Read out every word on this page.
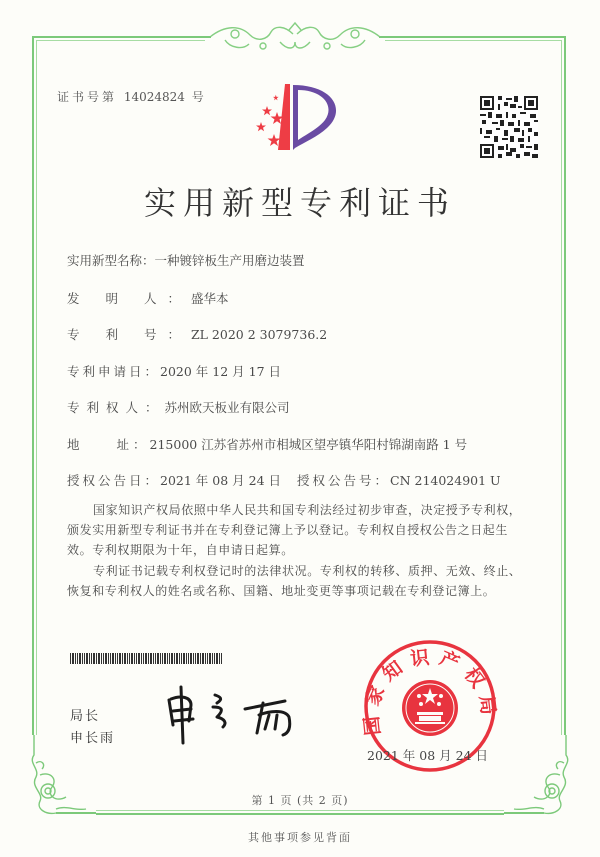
证书号第 14024824 号
实用新型专利证书
实用新型名称：一种镀锌板生产用磨边装置
发 明 人：盛华本
专 利 号：ZL 2020 2 3079736.2
专利申请日：2020 年 12 月 17 日
专利权人：苏州欧天板业有限公司
地　　址：215000 江苏省苏州市相城区望亭镇华阳村锦湖南路 1 号
授权公告日：2021 年 08 月 24 日 授权公告号：CN 214024901 U
国家知识产权局依照中华人民共和国专利法经过初步审查，决定授予专利权，颁发实用新型专利证书并在专利登记簿上予以登记。专利权自授权公告之日起生效。专利权期限为十年，自申请日起算。
专利证书记载专利权登记时的法律状况。专利权的转移、质押、无效、终止、恢复和专利权人的姓名或名称、国籍、地址变更等事项记载在专利登记簿上。
局长
申长雨
国家知识产权局
2021 年 08 月 24 日
第 1 页 (共 2 页)
其他事项参见背面
